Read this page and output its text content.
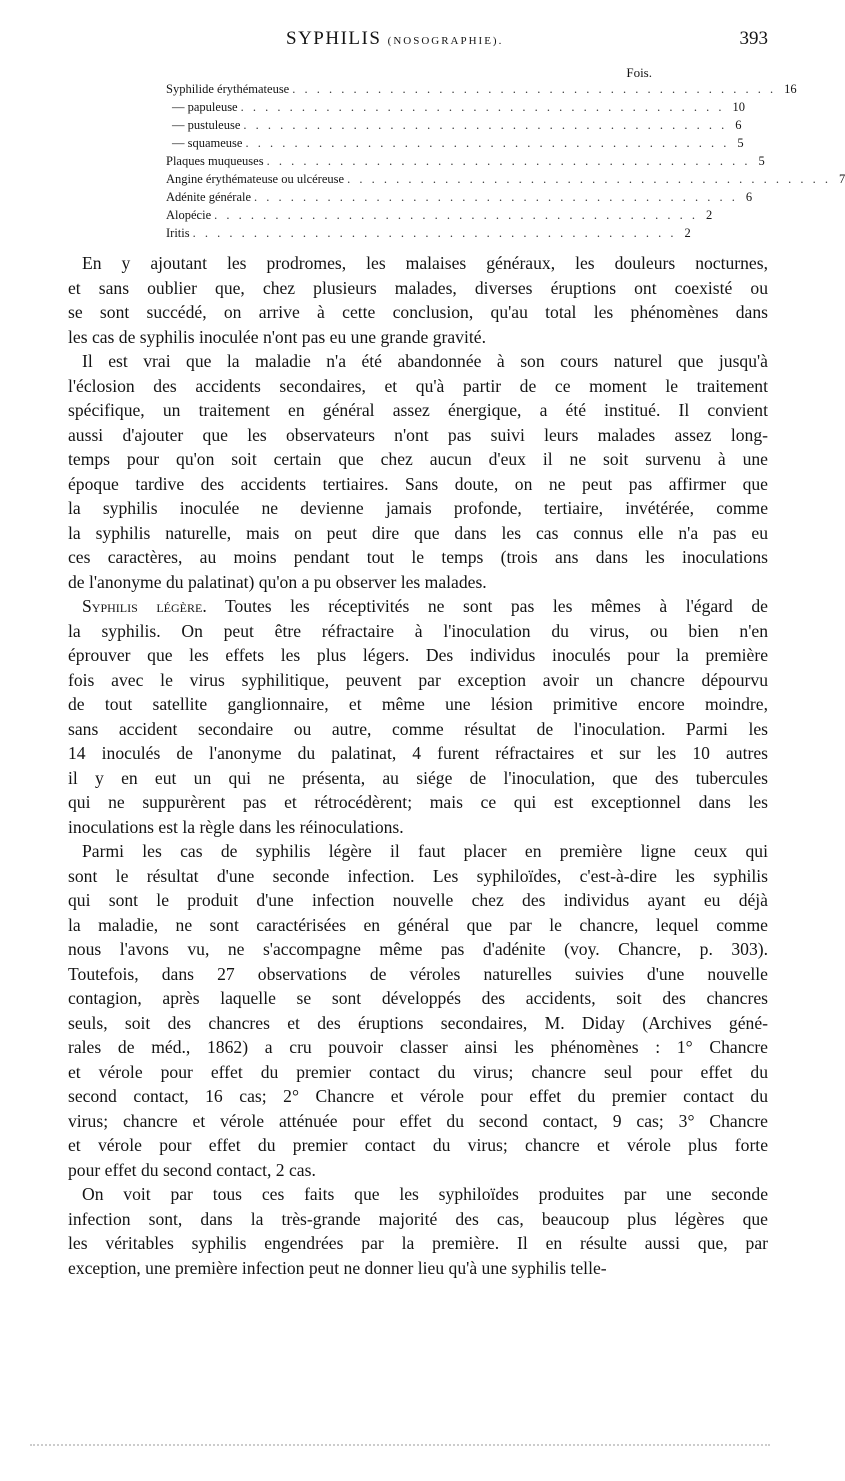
SYPHILIS (NOSOGRAPHIE).	393
Fois.
Syphilide érythémateuse . . . . . . . . . . . . . . . . . . . . . . . . . . . . . . . . . . . . . . . . 16
— papuleuse . . . . . . . . . . . . . . . . . . . . . . . . . . . . . . . . . . . . . . . . 10
— pustuleuse . . . . . . . . . . . . . . . . . . . . . . . . . . . . . . . . . . . . . . . . 6
— squameuse . . . . . . . . . . . . . . . . . . . . . . . . . . . . . . . . . . . . . . . . 5
Plaques muqueuses . . . . . . . . . . . . . . . . . . . . . . . . . . . . . . . . . . . . . . . . 5
Angine érythémateuse ou ulcéreuse . . . . . . . . . . . . . . . . . . . . . . . . . . . . . . . . . . . . . . . . 7
Adénite générale . . . . . . . . . . . . . . . . . . . . . . . . . . . . . . . . . . . . . . . . 6
Alopécie . . . . . . . . . . . . . . . . . . . . . . . . . . . . . . . . . . . . . . . . 2
Iritis . . . . . . . . . . . . . . . . . . . . . . . . . . . . . . . . . . . . . . . . 2
En y ajoutant les prodromes, les malaises généraux, les douleurs nocturnes,
et sans oublier que, chez plusieurs malades, diverses éruptions ont coexisté ou
se sont succédé, on arrive à cette conclusion, qu'au total les phénomènes dans
les cas de syphilis inoculée n'ont pas eu une grande gravité.
Il est vrai que la maladie n'a été abandonnée à son cours naturel que jusqu'à
l'éclosion des accidents secondaires, et qu'à partir de ce moment le traitement
spécifique, un traitement en général assez énergique, a été institué. Il convient
aussi d'ajouter que les observateurs n'ont pas suivi leurs malades assez long-
temps pour qu'on soit certain que chez aucun d'eux il ne soit survenu à une
époque tardive des accidents tertiaires. Sans doute, on ne peut pas affirmer que
la syphilis inoculée ne devienne jamais profonde, tertiaire, invétérée, comme
la syphilis naturelle, mais on peut dire que dans les cas connus elle n'a pas eu
ces caractères, au moins pendant tout le temps (trois ans dans les inoculations
de l'anonyme du palatinat) qu'on a pu observer les malades.
Syphilis légère. Toutes les réceptivités ne sont pas les mêmes à l'égard de
la syphilis. On peut être réfractaire à l'inoculation du virus, ou bien n'en
éprouver que les effets les plus légers. Des individus inoculés pour la première
fois avec le virus syphilitique, peuvent par exception avoir un chancre dépourvu
de tout satellite ganglionnaire, et même une lésion primitive encore moindre,
sans accident secondaire ou autre, comme résultat de l'inoculation. Parmi les
14 inoculés de l'anonyme du palatinat, 4 furent réfractaires et sur les 10 autres
il y en eut un qui ne présenta, au siége de l'inoculation, que des tubercules
qui ne suppurèrent pas et rétrocédèrent; mais ce qui est exceptionnel dans les
inoculations est la règle dans les réinoculations.
Parmi les cas de syphilis légère il faut placer en première ligne ceux qui
sont le résultat d'une seconde infection. Les syphiloïdes, c'est-à-dire les syphilis
qui sont le produit d'une infection nouvelle chez des individus ayant eu déjà
la maladie, ne sont caractérisées en général que par le chancre, lequel comme
nous l'avons vu, ne s'accompagne même pas d'adénite (voy. Chancre, p. 303).
Toutefois, dans 27 observations de véroles naturelles suivies d'une nouvelle
contagion, après laquelle se sont développés des accidents, soit des chancres
seuls, soit des chancres et des éruptions secondaires, M. Diday (Archives géné-
rales de méd., 1862) a cru pouvoir classer ainsi les phénomènes : 1° Chancre
et vérole pour effet du premier contact du virus; chancre seul pour effet du
second contact, 16 cas; 2° Chancre et vérole pour effet du premier contact du
virus; chancre et vérole atténuée pour effet du second contact, 9 cas; 3° Chancre
et vérole pour effet du premier contact du virus; chancre et vérole plus forte
pour effet du second contact, 2 cas.
On voit par tous ces faits que les syphiloïdes produites par une seconde
infection sont, dans la très-grande majorité des cas, beaucoup plus légères que
les véritables syphilis engendrées par la première. Il en résulte aussi que, par
exception, une première infection peut ne donner lieu qu'à une syphilis telle-
